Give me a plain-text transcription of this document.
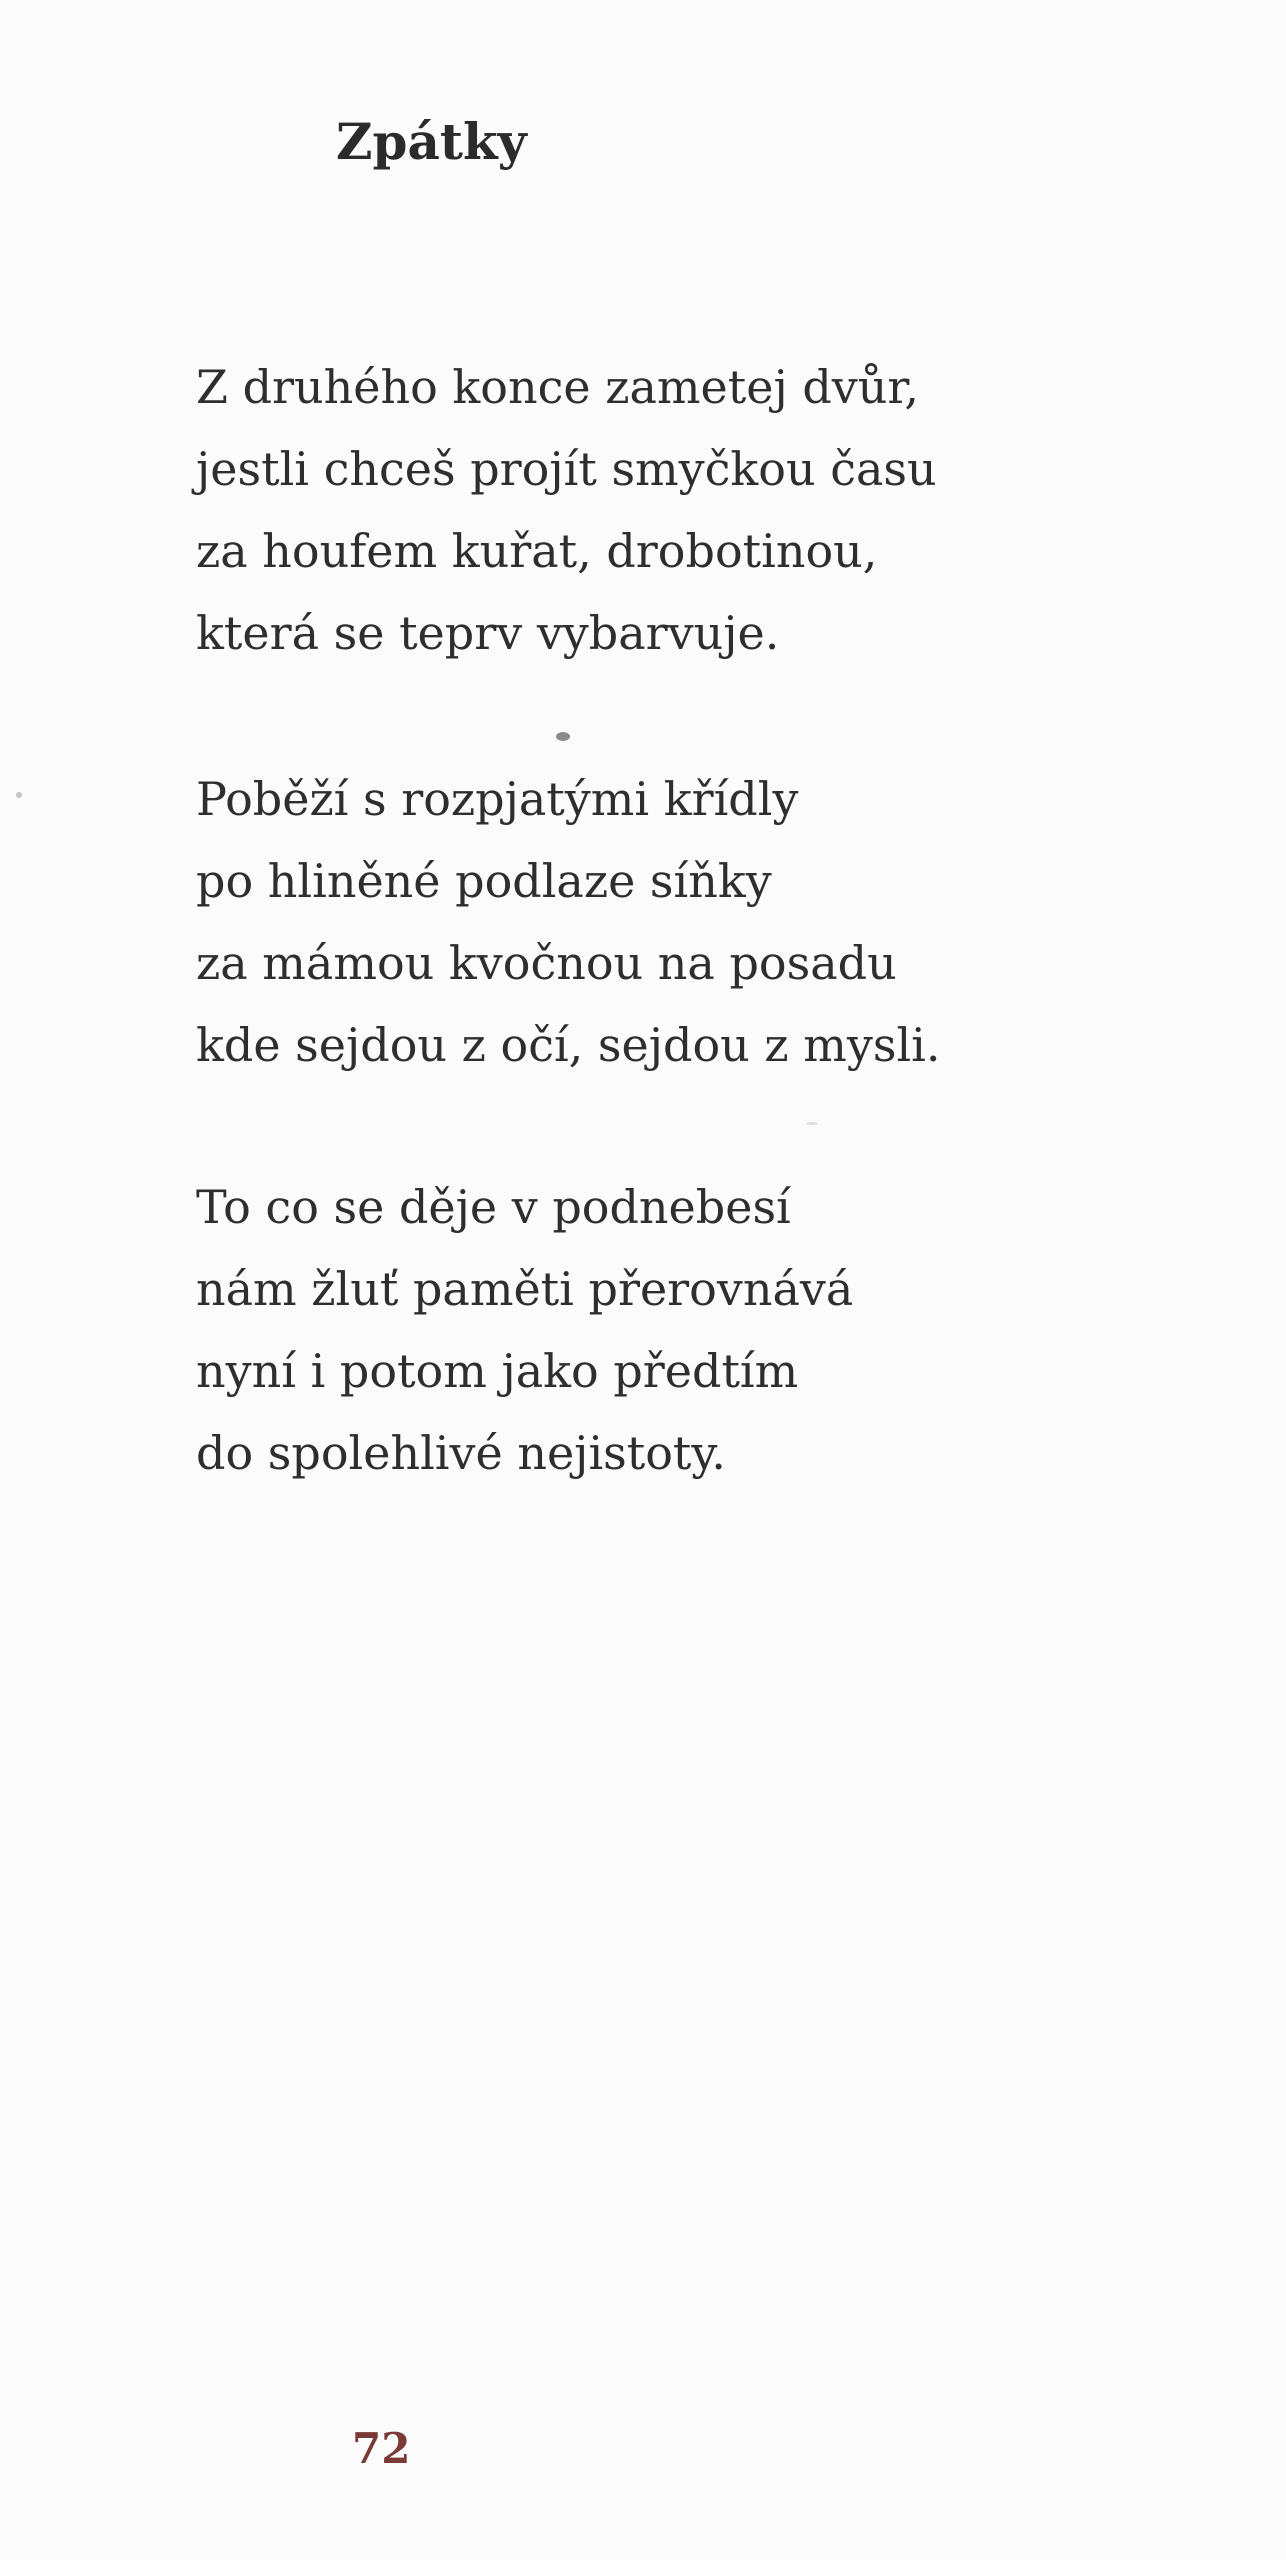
Zpátky
Z druhého konce zametej dvůr,
jestli chceš projít smyčkou času
za houfem kuřat, drobotinou,
která se teprv vybarvuje.
Poběží s rozpjatými křídly
po hliněné podlaze síňky
za mámou kvočnou na posadu
kde sejdou z očí, sejdou z mysli.
To co se děje v podnebesí
nám žluť paměti přerovnává
nyní i potom jako předtím
do spolehlivé nejistoty.
72
